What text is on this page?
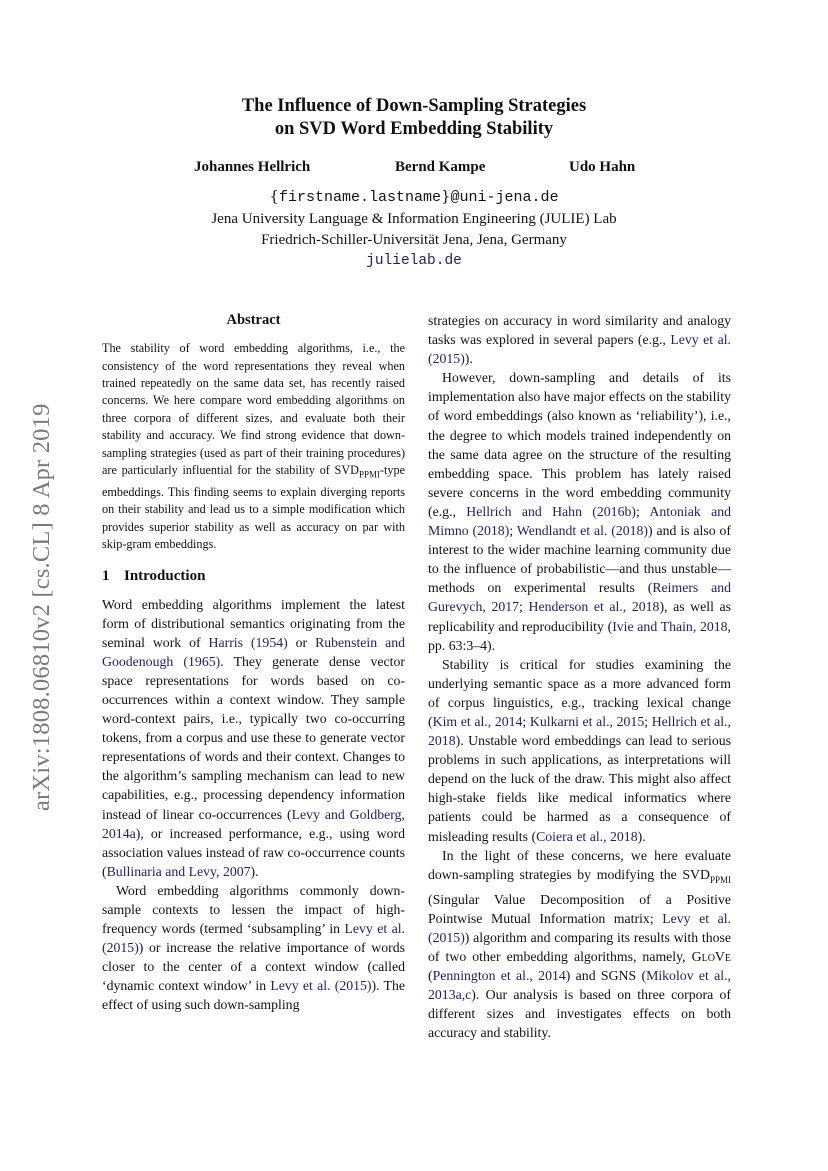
arXiv:1808.06810v2 [cs.CL] 8 Apr 2019
The Influence of Down-Sampling Strategies
on SVD Word Embedding Stability
Johannes Hellrich	Bernd Kampe	Udo Hahn
{firstname.lastname}@uni-jena.de
Jena University Language & Information Engineering (JULIE) Lab
Friedrich-Schiller-Universität Jena, Jena, Germany
julielab.de
Abstract

The stability of word embedding algorithms, i.e., the consistency of the word representations they reveal when trained repeatedly on the same data set, has recently raised concerns. We here compare word embedding algorithms on three corpora of different sizes, and evaluate both their stability and accuracy. We find strong evidence that down-sampling strategies (used as part of their training procedures) are particularly influential for the stability of $SVD_{PPMI}$-type embeddings. This finding seems to explain diverging reports on their stability and lead us to a simple modification which provides superior stability as well as accuracy on par with skip-gram embeddings.

1 Introduction

Word embedding algorithms implement the latest form of distributional semantics originating from the seminal work of Harris (1954) or Rubenstein and Goodenough (1965). They generate dense vector space representations for words based on co-occurrences within a context window. They sample word-context pairs, i.e., typically two co-occurring tokens, from a corpus and use these to generate vector representations of words and their context. Changes to the algorithm’s sampling mechanism can lead to new capabilities, e.g., processing dependency information instead of linear co-occurrences (Levy and Goldberg, 2014a), or increased performance, e.g., using word association values instead of raw co-occurrence counts (Bullinaria and Levy, 2007).

Word embedding algorithms commonly down-sample contexts to lessen the impact of high-frequency words (termed ‘subsampling’ in Levy et al. (2015)) or increase the relative importance of words closer to the center of a context window (called ‘dynamic context window’ in Levy et al. (2015)). The effect of using such down-sampling

strategies on accuracy in word similarity and analogy tasks was explored in several papers (e.g., Levy et al. (2015)).

However, down-sampling and details of its implementation also have major effects on the stability of word embeddings (also known as ‘reliability’), i.e., the degree to which models trained independently on the same data agree on the structure of the resulting embedding space. This problem has lately raised severe concerns in the word embedding community (e.g., Hellrich and Hahn (2016b); Antoniak and Mimno (2018); Wendlandt et al. (2018)) and is also of interest to the wider machine learning community due to the influence of probabilistic—and thus unstable—methods on experimental results (Reimers and Gurevych, 2017; Henderson et al., 2018), as well as replicability and reproducibility (Ivie and Thain, 2018, pp. 63:3–4).

Stability is critical for studies examining the underlying semantic space as a more advanced form of corpus linguistics, e.g., tracking lexical change (Kim et al., 2014; Kulkarni et al., 2015; Hellrich et al., 2018). Unstable word embeddings can lead to serious problems in such applications, as interpretations will depend on the luck of the draw. This might also affect high-stake fields like medical informatics where patients could be harmed as a consequence of misleading results (Coiera et al., 2018).

In the light of these concerns, we here evaluate down-sampling strategies by modifying the $SVD_{PPMI}$ (Singular Value Decomposition of a Positive Pointwise Mutual Information matrix; Levy et al. (2015)) algorithm and comparing its results with those of two other embedding algorithms, namely, GloVe (Pennington et al., 2014) and SGNS (Mikolov et al., 2013a,c). Our analysis is based on three corpora of different sizes and investigates effects on both accuracy and stability.
